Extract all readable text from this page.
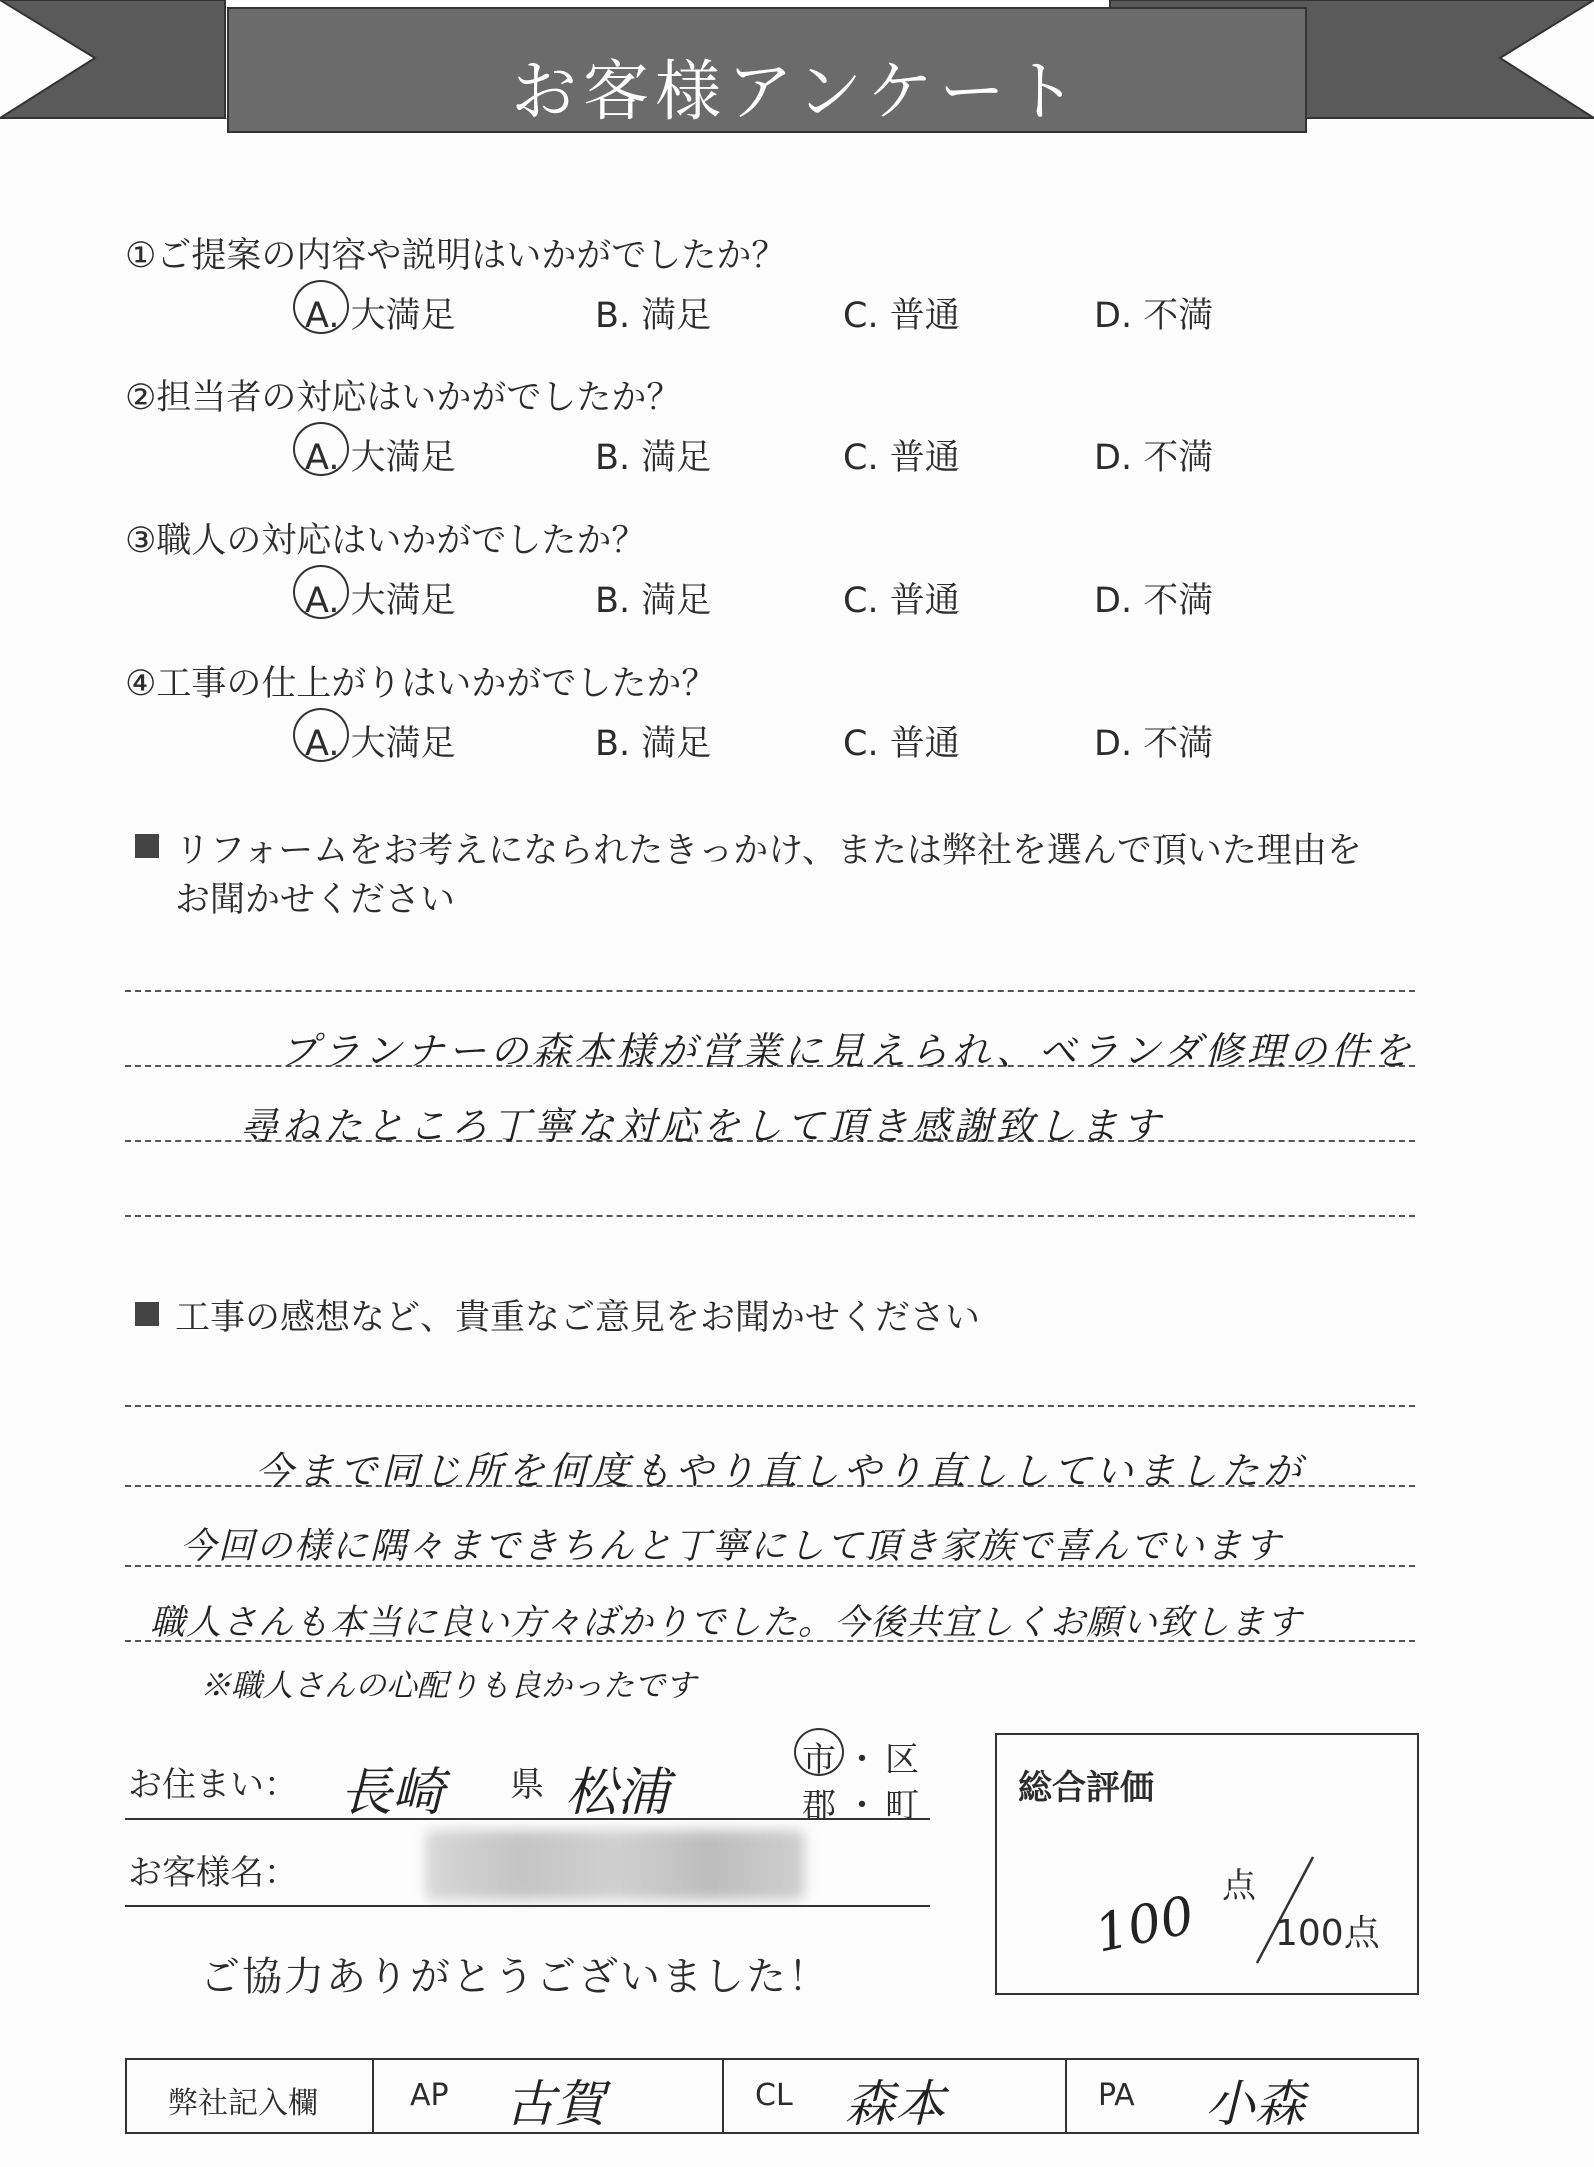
お客様アンケート
①ご提案の内容や説明はいかがでしたか？
A. 大満足	B. 満足	C. 普通	D. 不満
②担当者の対応はいかがでしたか？
A. 大満足	B. 満足	C. 普通	D. 不満
③職人の対応はいかがでしたか？
A. 大満足	B. 満足	C. 普通	D. 不満
④工事の仕上がりはいかがでしたか？
A. 大満足	B. 満足	C. 普通	D. 不満
リフォームをお考えになられたきっかけ、または弊社を選んで頂いた理由を
お聞かせください
プランナーの森本様が営業に見えられ、ベランダ修理の件を
尋ねたところ丁寧な対応をして頂き感謝致します
工事の感想など、貴重なご意見をお聞かせください
今まで同じ所を何度もやり直しやり直ししていましたが
今回の様に隅々まできちんと丁寧にして頂き家族で喜んでいます
職人さんも本当に良い方々ばかりでした。今後共宜しくお願い致します
※職人さんの心配りも良かったです
お住まい： 長崎 県 松浦
市 ・ 区
郡 ・ 町
お客様名：
ご協力ありがとうございました！
総合評価
100 点
100点
弊社記入欄	AP 古賀	CL 森本	PA 小森
